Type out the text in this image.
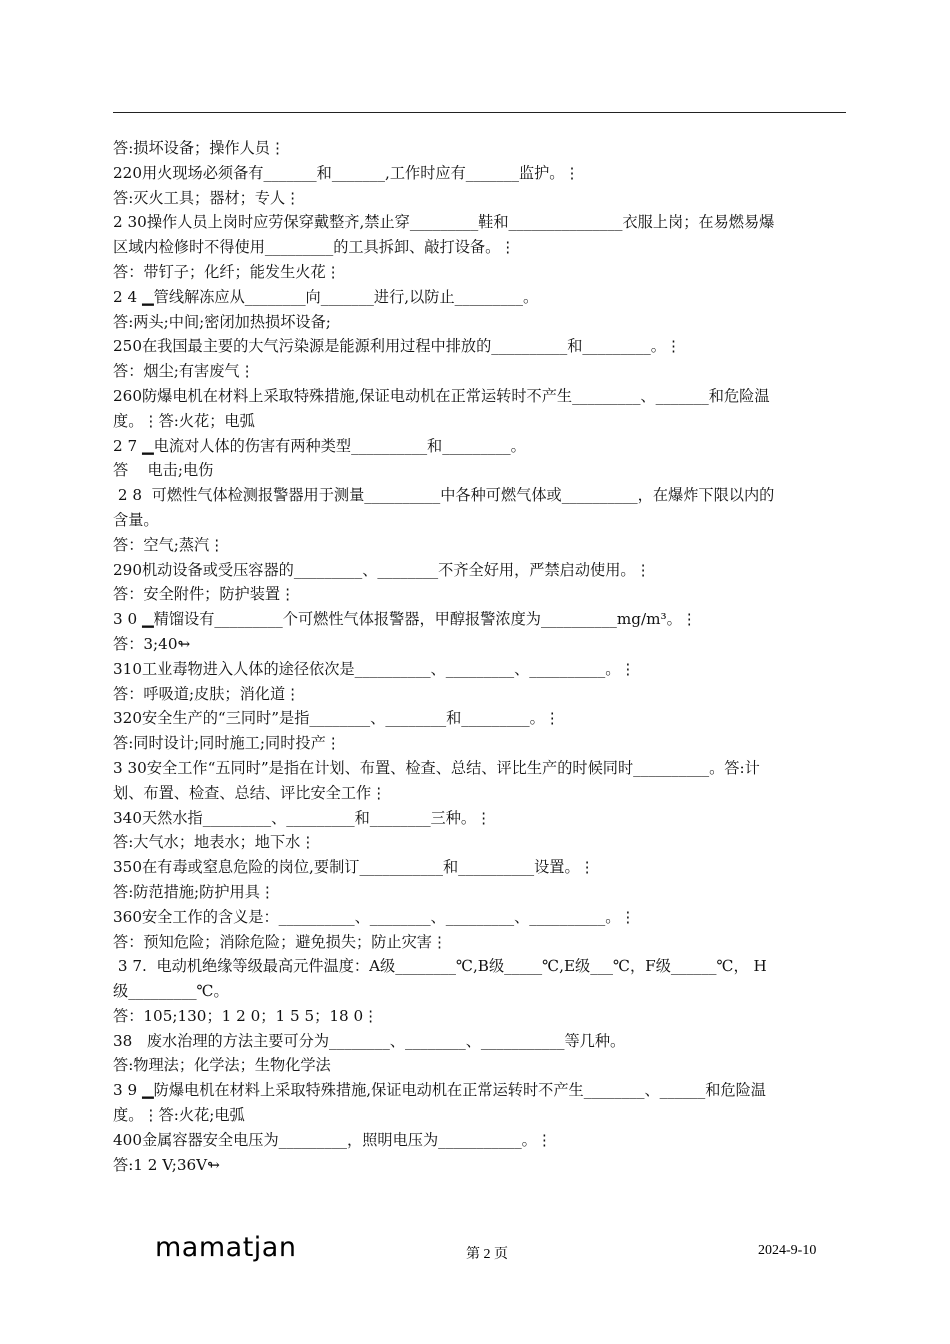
答:损坏设备；操作人员⋮
220用火现场必须备有_______和_______,工作时应有_______监护。⋮
答:灭火工具；器材；专人⋮
2 30操作人员上岗时应劳保穿戴整齐,禁止穿_________鞋和_______________衣服上岗；在易燃易爆
区域内检修时不得使用_________的工具拆卸、敲打设备。⋮
答：带钉子；化纤；能发生火花⋮
2 4 ▁管线解冻应从________向_______进行,以防止_________。
答:两头;中间;密闭加热损坏设备;
250在我国最主要的大气污染源是能源利用过程中排放的__________和_________。⋮
答：烟尘;有害废气⋮
260防爆电机在材料上采取特殊措施,保证电动机在正常运转时不产生_________、_______和危险温
度。⋮答:火花；电弧
2 7 ▁电流对人体的伤害有两种类型__________和_________。
答    电击;电伤
2 8  可燃性气体检测报警器用于测量__________中各种可燃气体或__________，在爆炸下限以内的
含量。
答：空气;蒸汽⋮
290机动设备或受压容器的_________、________不齐全好用，严禁启动使用。⋮
答：安全附件；防护装置⋮
3 0 ▁精馏设有_________个可燃性气体报警器，甲醇报警浓度为__________mg/m³。⋮
答：3;40↬
310工业毒物进入人体的途径依次是__________、_________、__________。⋮
答：呼吸道;皮肤；消化道⋮
320安全生产的“三同时”是指________、________和_________。⋮
答:同时设计;同时施工;同时投产⋮
3 30安全工作“五同时”是指在计划、布置、检查、总结、评比生产的时候同时__________。答:计
划、布置、检查、总结、评比安全工作⋮
340天然水指_________、_________和________三种。⋮
答:大气水；地表水；地下水⋮
350在有毒或窒息危险的岗位,要制订___________和__________设置。⋮
答:防范措施;防护用具⋮
360安全工作的含义是：__________、________、_________、__________。⋮
答：预知危险；消除危险；避免损失；防止灾害⋮
3 7.  电动机绝缘等级最高元件温度：A级________℃,B级_____℃,E级___℃，F级______℃， H
级_________℃。
答：105;130；1 2 0；1 5 5；18 0⋮
38   废水治理的方法主要可分为________、________、___________等几种。
答:物理法；化学法；生物化学法
3 9 ▁防爆电机在材料上采取特殊措施,保证电动机在正常运转时不产生________、______和危险温
度。⋮答:火花;电弧
400金属容器安全电压为_________，照明电压为___________。⋮
答:1 2 V;36V↬
mamatjan	第 2 页	2024-9-10
